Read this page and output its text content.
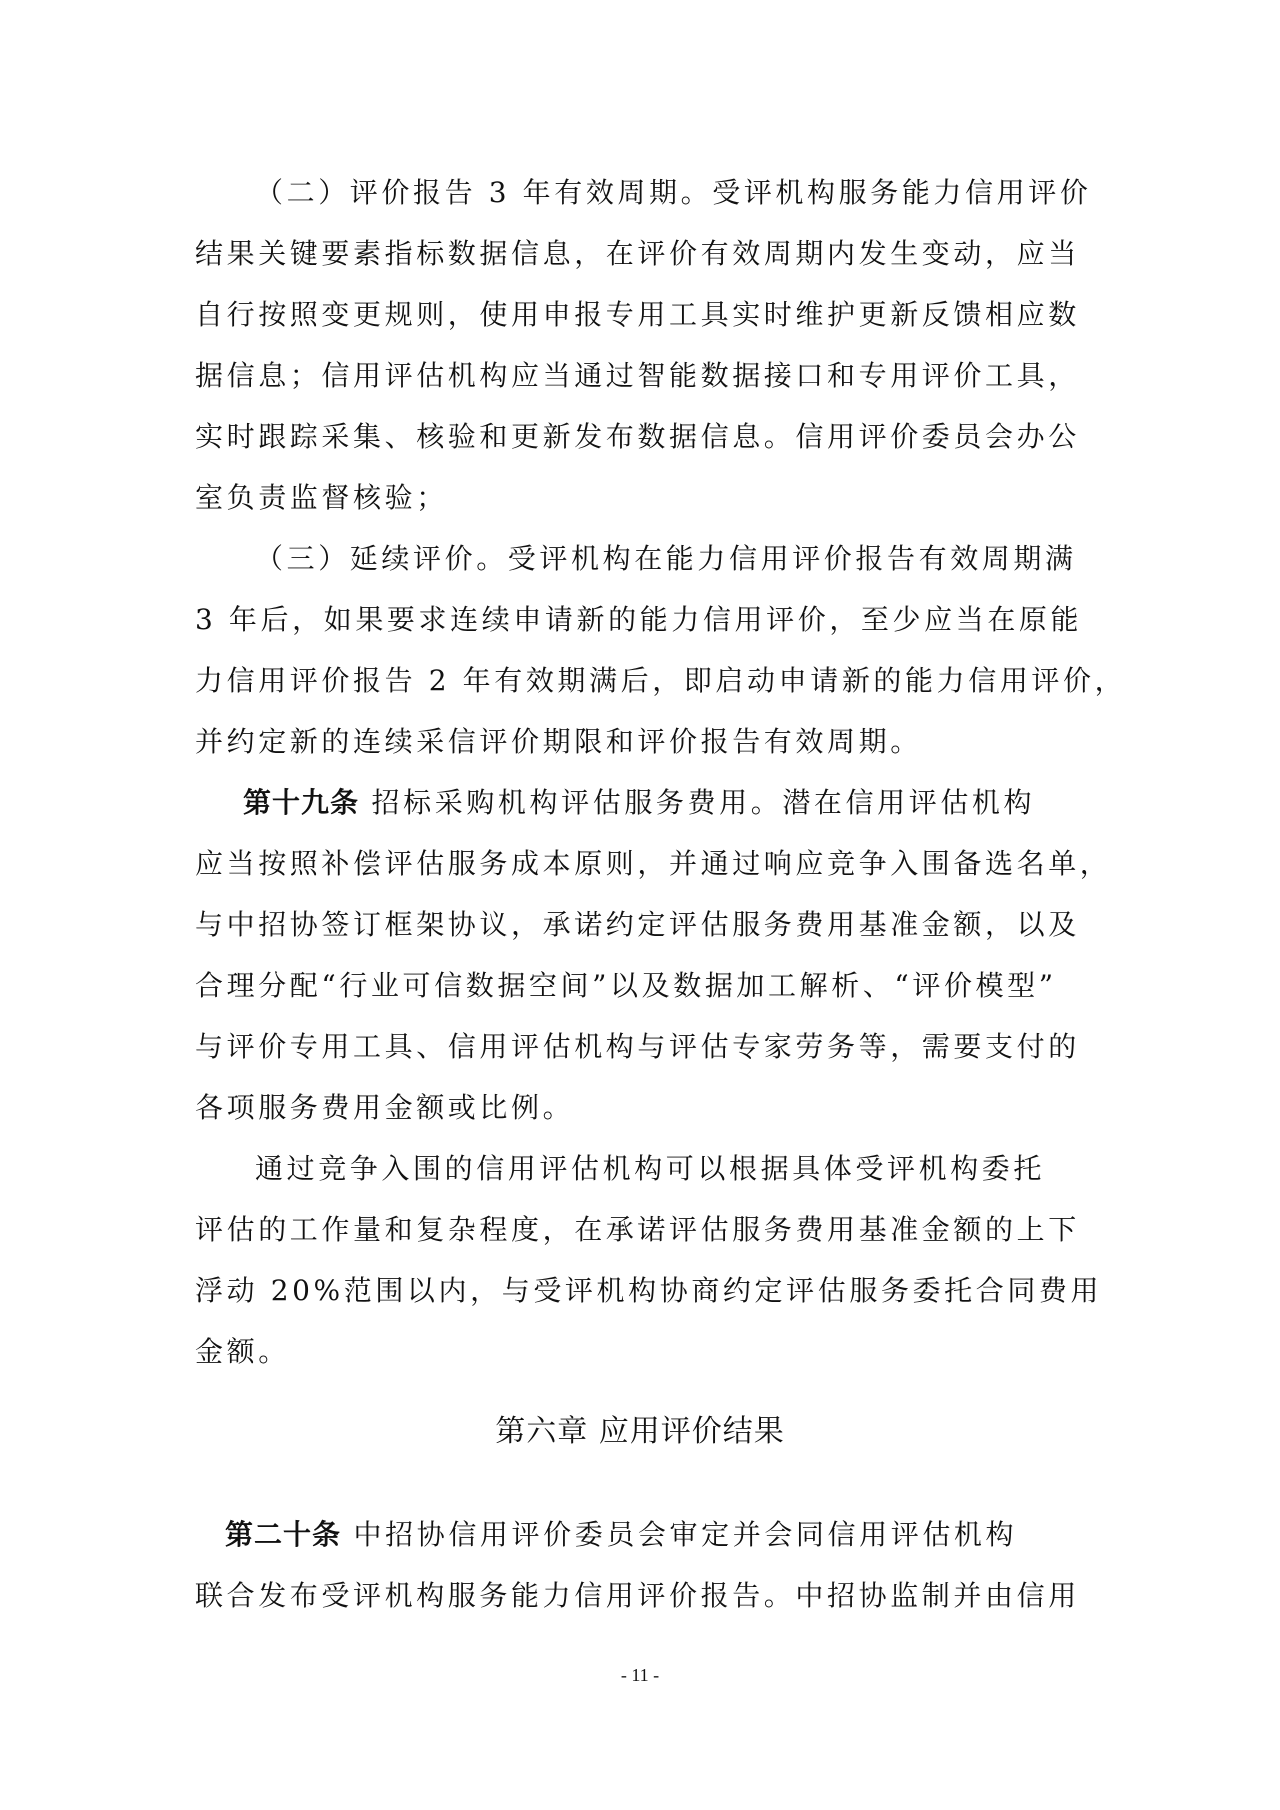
（二）评价报告 3 年有效周期。受评机构服务能力信用评价
结果关键要素指标数据信息，在评价有效周期内发生变动，应当
自行按照变更规则，使用申报专用工具实时维护更新反馈相应数
据信息；信用评估机构应当通过智能数据接口和专用评价工具，
实时跟踪采集、核验和更新发布数据信息。信用评价委员会办公
室负责监督核验；
（三）延续评价。受评机构在能力信用评价报告有效周期满
3 年后，如果要求连续申请新的能力信用评价，至少应当在原能
力信用评价报告 2 年有效期满后，即启动申请新的能力信用评价，
并约定新的连续采信评价期限和评价报告有效周期。
第十九条 招标采购机构评估服务费用。潜在信用评估机构
应当按照补偿评估服务成本原则，并通过响应竞争入围备选名单，
与中招协签订框架协议，承诺约定评估服务费用基准金额，以及
合理分配“行业可信数据空间”以及数据加工解析、“评价模型”
与评价专用工具、信用评估机构与评估专家劳务等，需要支付的
各项服务费用金额或比例。
通过竞争入围的信用评估机构可以根据具体受评机构委托
评估的工作量和复杂程度，在承诺评估服务费用基准金额的上下
浮动 20%范围以内，与受评机构协商约定评估服务委托合同费用
金额。
第六章 应用评价结果
第二十条 中招协信用评价委员会审定并会同信用评估机构
联合发布受评机构服务能力信用评价报告。中招协监制并由信用
- 11 -
